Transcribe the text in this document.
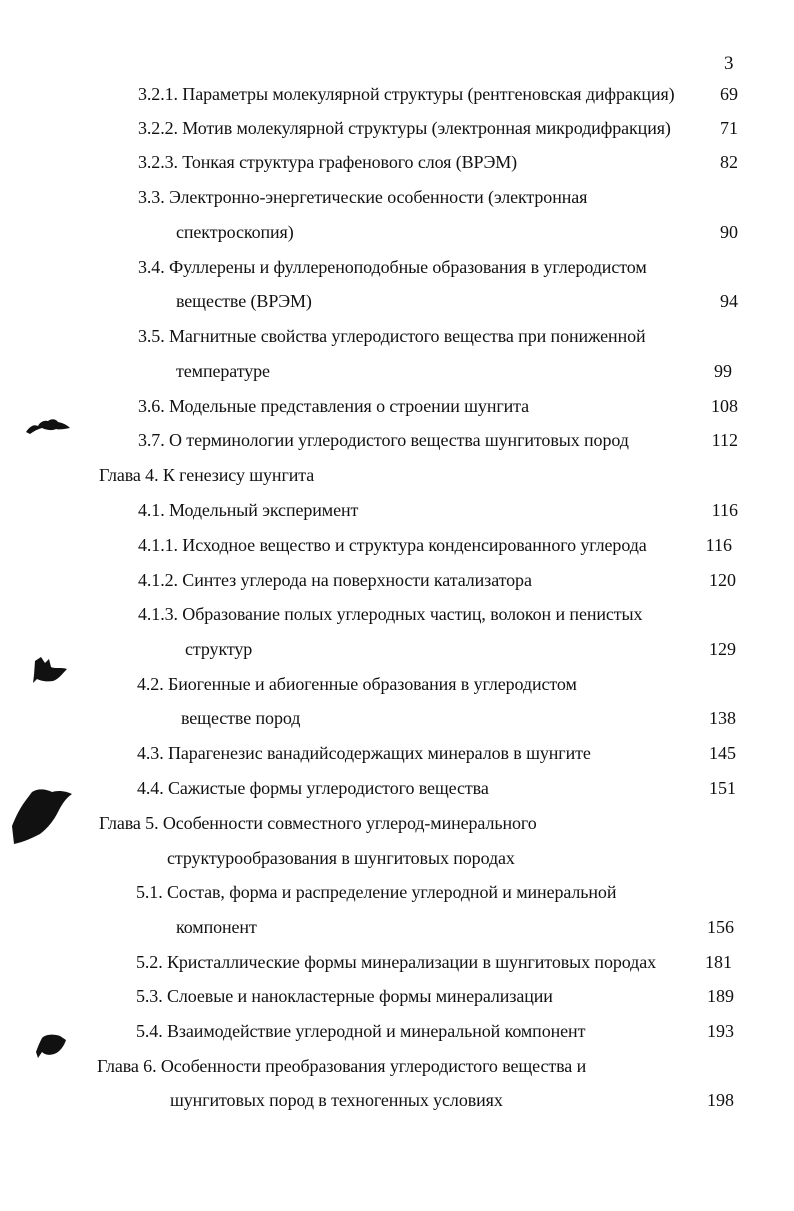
3
3.2.1. Параметры молекулярной структуры (рентгеновская дифракция)	69
3.2.2. Мотив молекулярной структуры (электронная микродифракция)	71
3.2.3. Тонкая структура графенового слоя (ВРЭМ)	82
3.3. Электронно-энергетические особенности (электронная
спектроскопия)	90
3.4. Фуллерены и фуллереноподобные образования в углеродистом
веществе (ВРЭМ)	94
3.5. Магнитные свойства углеродистого вещества при пониженной
температуре	99
3.6. Модельные представления о строении шунгита	108
3.7. О терминологии углеродистого вещества шунгитовых пород	112
Глава 4. К генезису шунгита
4.1. Модельный эксперимент	116
4.1.1. Исходное вещество и структура конденсированного углерода	116
4.1.2. Синтез углерода на поверхности катализатора	120
4.1.3. Образование полых углеродных частиц, волокон и пенистых
структур	129
4.2. Биогенные и абиогенные образования в углеродистом
веществе пород	138
4.3. Парагенезис ванадийсодержащих минералов в шунгите	145
4.4. Сажистые формы углеродистого вещества	151
Глава 5. Особенности совместного углерод-минерального
структурообразования в шунгитовых породах
5.1. Состав, форма и распределение углеродной и минеральной
компонент	156
5.2. Кристаллические формы минерализации в шунгитовых породах	181
5.3. Слоевые и нанокластерные формы минерализации	189
5.4. Взаимодействие углеродной и минеральной компонент	193
Глава 6. Особенности преобразования углеродистого вещества и
шунгитовых пород в техногенных условиях	198
